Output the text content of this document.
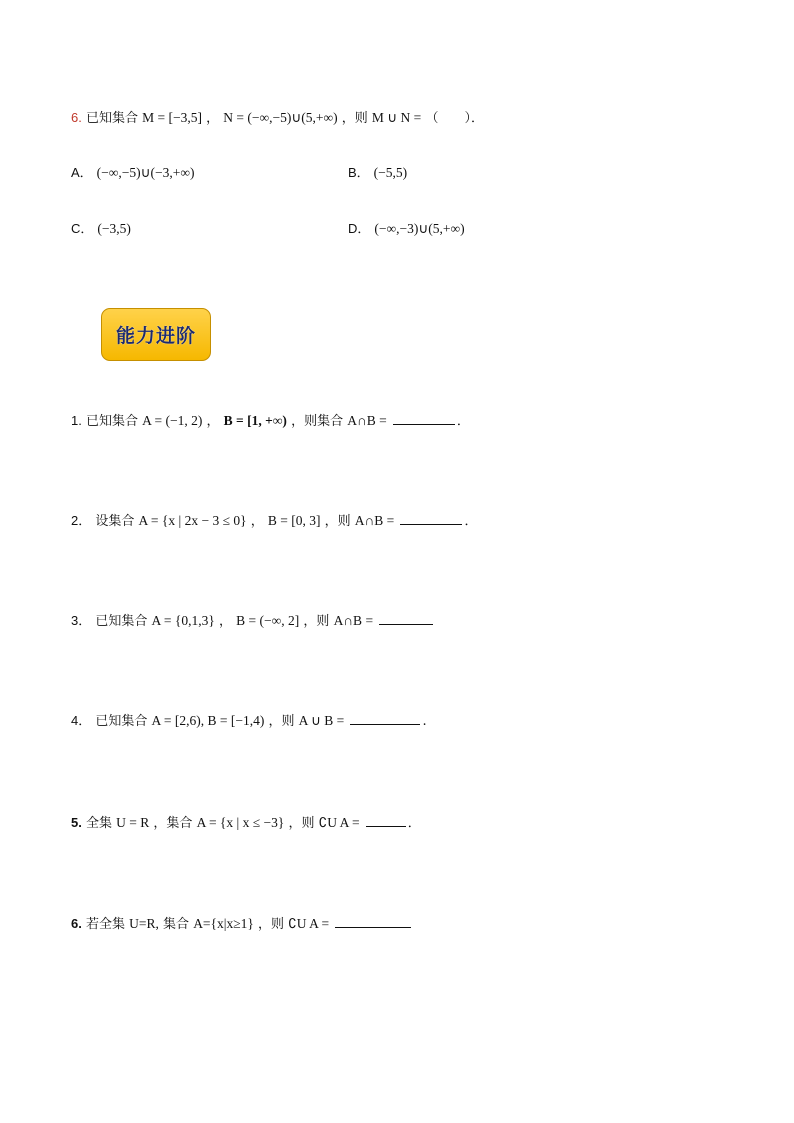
6. 已知集合 M = [−3,5] ， N = (−∞,−5)∪(5,+∞) ，则 M ∪ N = （　　）．
A． (−∞,−5)∪(−3,+∞)	B． (−5,5)
C． (−3,5)	D． (−∞,−3)∪(5,+∞)
能力进阶
1. 已知集合 A = (−1, 2) ， B = [1, +∞) ，则集合 A∩B =	．
2． 设集合 A = {x | 2x − 3 ≤ 0} ， B = [0, 3] ，则 A∩B =	．
3． 已知集合 A = {0,1,3} ， B = (−∞, 2] ，则 A∩B =
4． 已知集合 A = [2,6), B = [−1,4) ，则 A ∪ B =	.
5. 全集 U = R ，集合 A = {x | x ≤ −3} ，则 ∁U A =	．
6. 若全集 U=R, 集合 A={x|x≥1} ，则 ∁U A =
